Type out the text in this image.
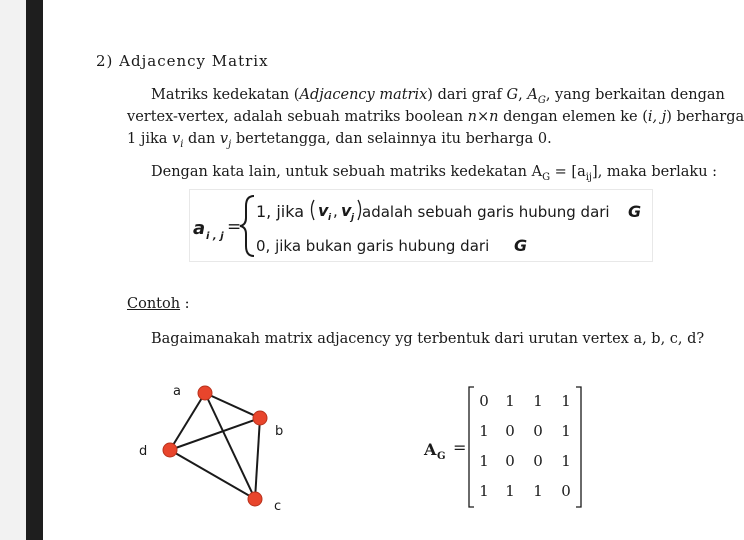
2) Adjacency Matrix
Matriks kedekatan (Adjacency matrix) dari graf G, $A_G$, yang berkaitan dengan
vertex-vertex, adalah sebuah matriks boolean n×n dengan elemen ke (i, j) berharga
1 jika $v_i$ dan $v_j$ bertetangga, dan selainnya itu berharga 0.
Dengan kata lain, untuk sebuah matriks kedekatan $A_G = [a_{ij}]$, maka berlaku :
a i , j =
1, jika v i , v j adalah sebuah garis hubung dari G
0, jika bukan garis hubung dari G
Contoh :
Bagaimanakah matrix adjacency yg terbentuk dari urutan vertex a, b, c, d?
a
b
c
d	A G =
0 1 1 1
1 0 0 1
1 0 0 1
1 1 1 0
